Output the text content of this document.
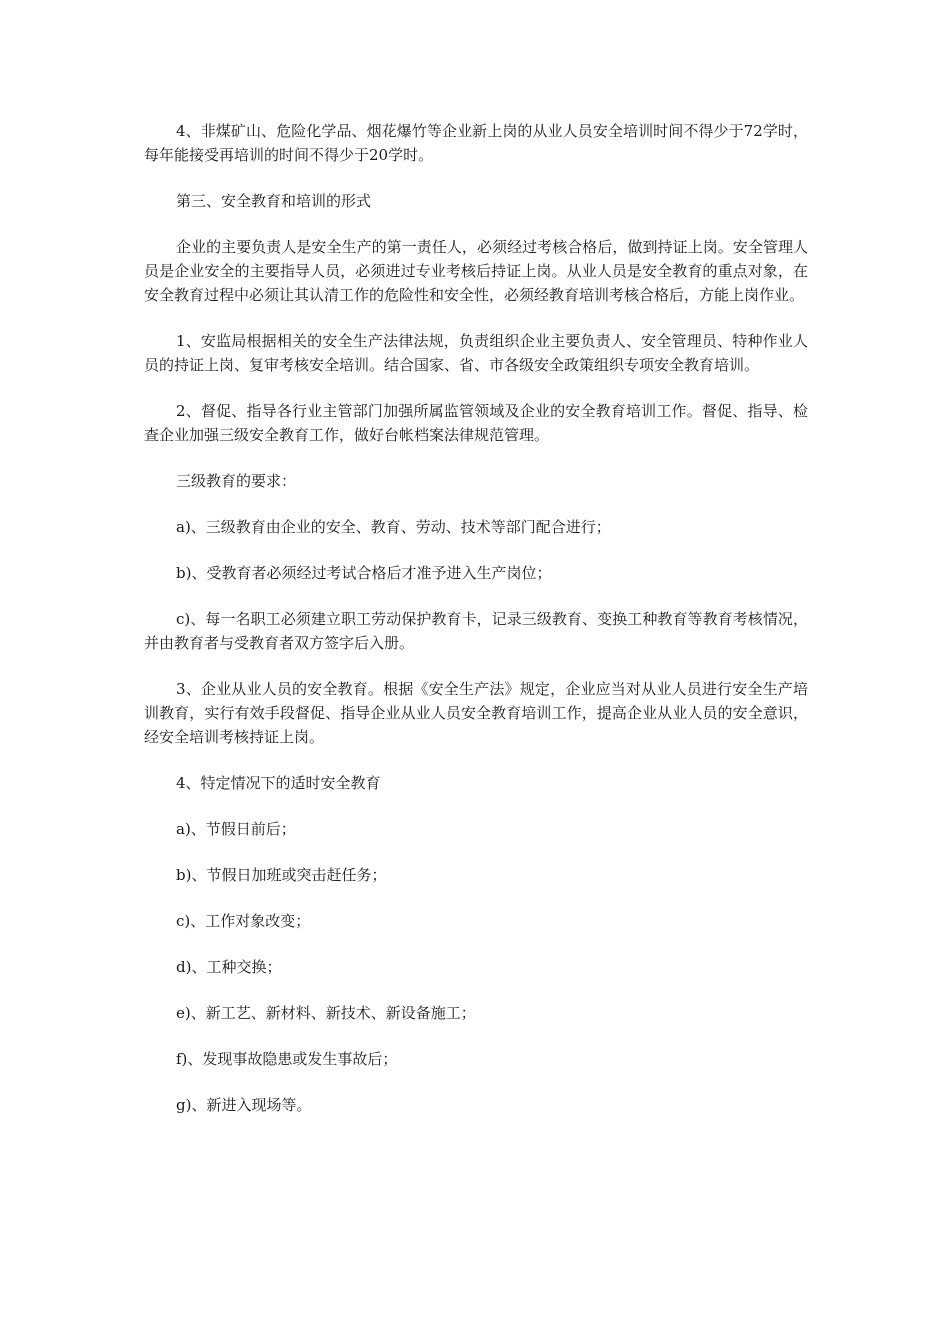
4、非煤矿山、危险化学品、烟花爆竹等企业新上岗的从业人员安全培训时间不得少于72学时，每年能接受再培训的时间不得少于20学时。

第三、安全教育和培训的形式

企业的主要负责人是安全生产的第一责任人，必须经过考核合格后，做到持证上岗。安全管理人员是企业安全的主要指导人员，必须进过专业考核后持证上岗。从业人员是安全教育的重点对象，在安全教育过程中必须让其认清工作的危险性和安全性，必须经教育培训考核合格后，方能上岗作业。

1、安监局根据相关的安全生产法律法规，负责组织企业主要负责人、安全管理员、特种作业人员的持证上岗、复审考核安全培训。结合国家、省、市各级安全政策组织专项安全教育培训。

2、督促、指导各行业主管部门加强所属监管领域及企业的安全教育培训工作。督促、指导、检查企业加强三级安全教育工作，做好台帐档案法律规范管理。

三级教育的要求：

a)、三级教育由企业的安全、教育、劳动、技术等部门配合进行；

b)、受教育者必须经过考试合格后才准予进入生产岗位；

c)、每一名职工必须建立职工劳动保护教育卡，记录三级教育、变换工种教育等教育考核情况，并由教育者与受教育者双方签字后入册。

3、企业从业人员的安全教育。根据《安全生产法》规定，企业应当对从业人员进行安全生产培训教育，实行有效手段督促、指导企业从业人员安全教育培训工作，提高企业从业人员的安全意识，经安全培训考核持证上岗。

4、特定情况下的适时安全教育

a)、节假日前后；

b)、节假日加班或突击赶任务；

c)、工作对象改变；

d)、工种交换；

e)、新工艺、新材料、新技术、新设备施工；

f)、发现事故隐患或发生事故后；

g)、新进入现场等。
